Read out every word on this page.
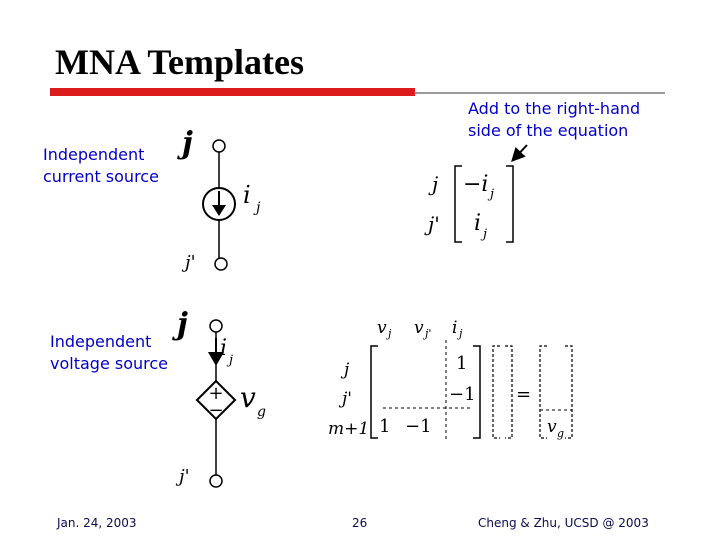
MNA Templates
Add to the right-hand
side of the equation
Independent
current source
Independent
voltage source
j
i j
j'
j
j'
−i j
i j
j
i j
+
− v g
j'
v j v j' i j
j
j'
m+1
1
−1
1 −1
=
v g
Jan. 24, 2003	26	Cheng & Zhu, UCSD @ 2003
